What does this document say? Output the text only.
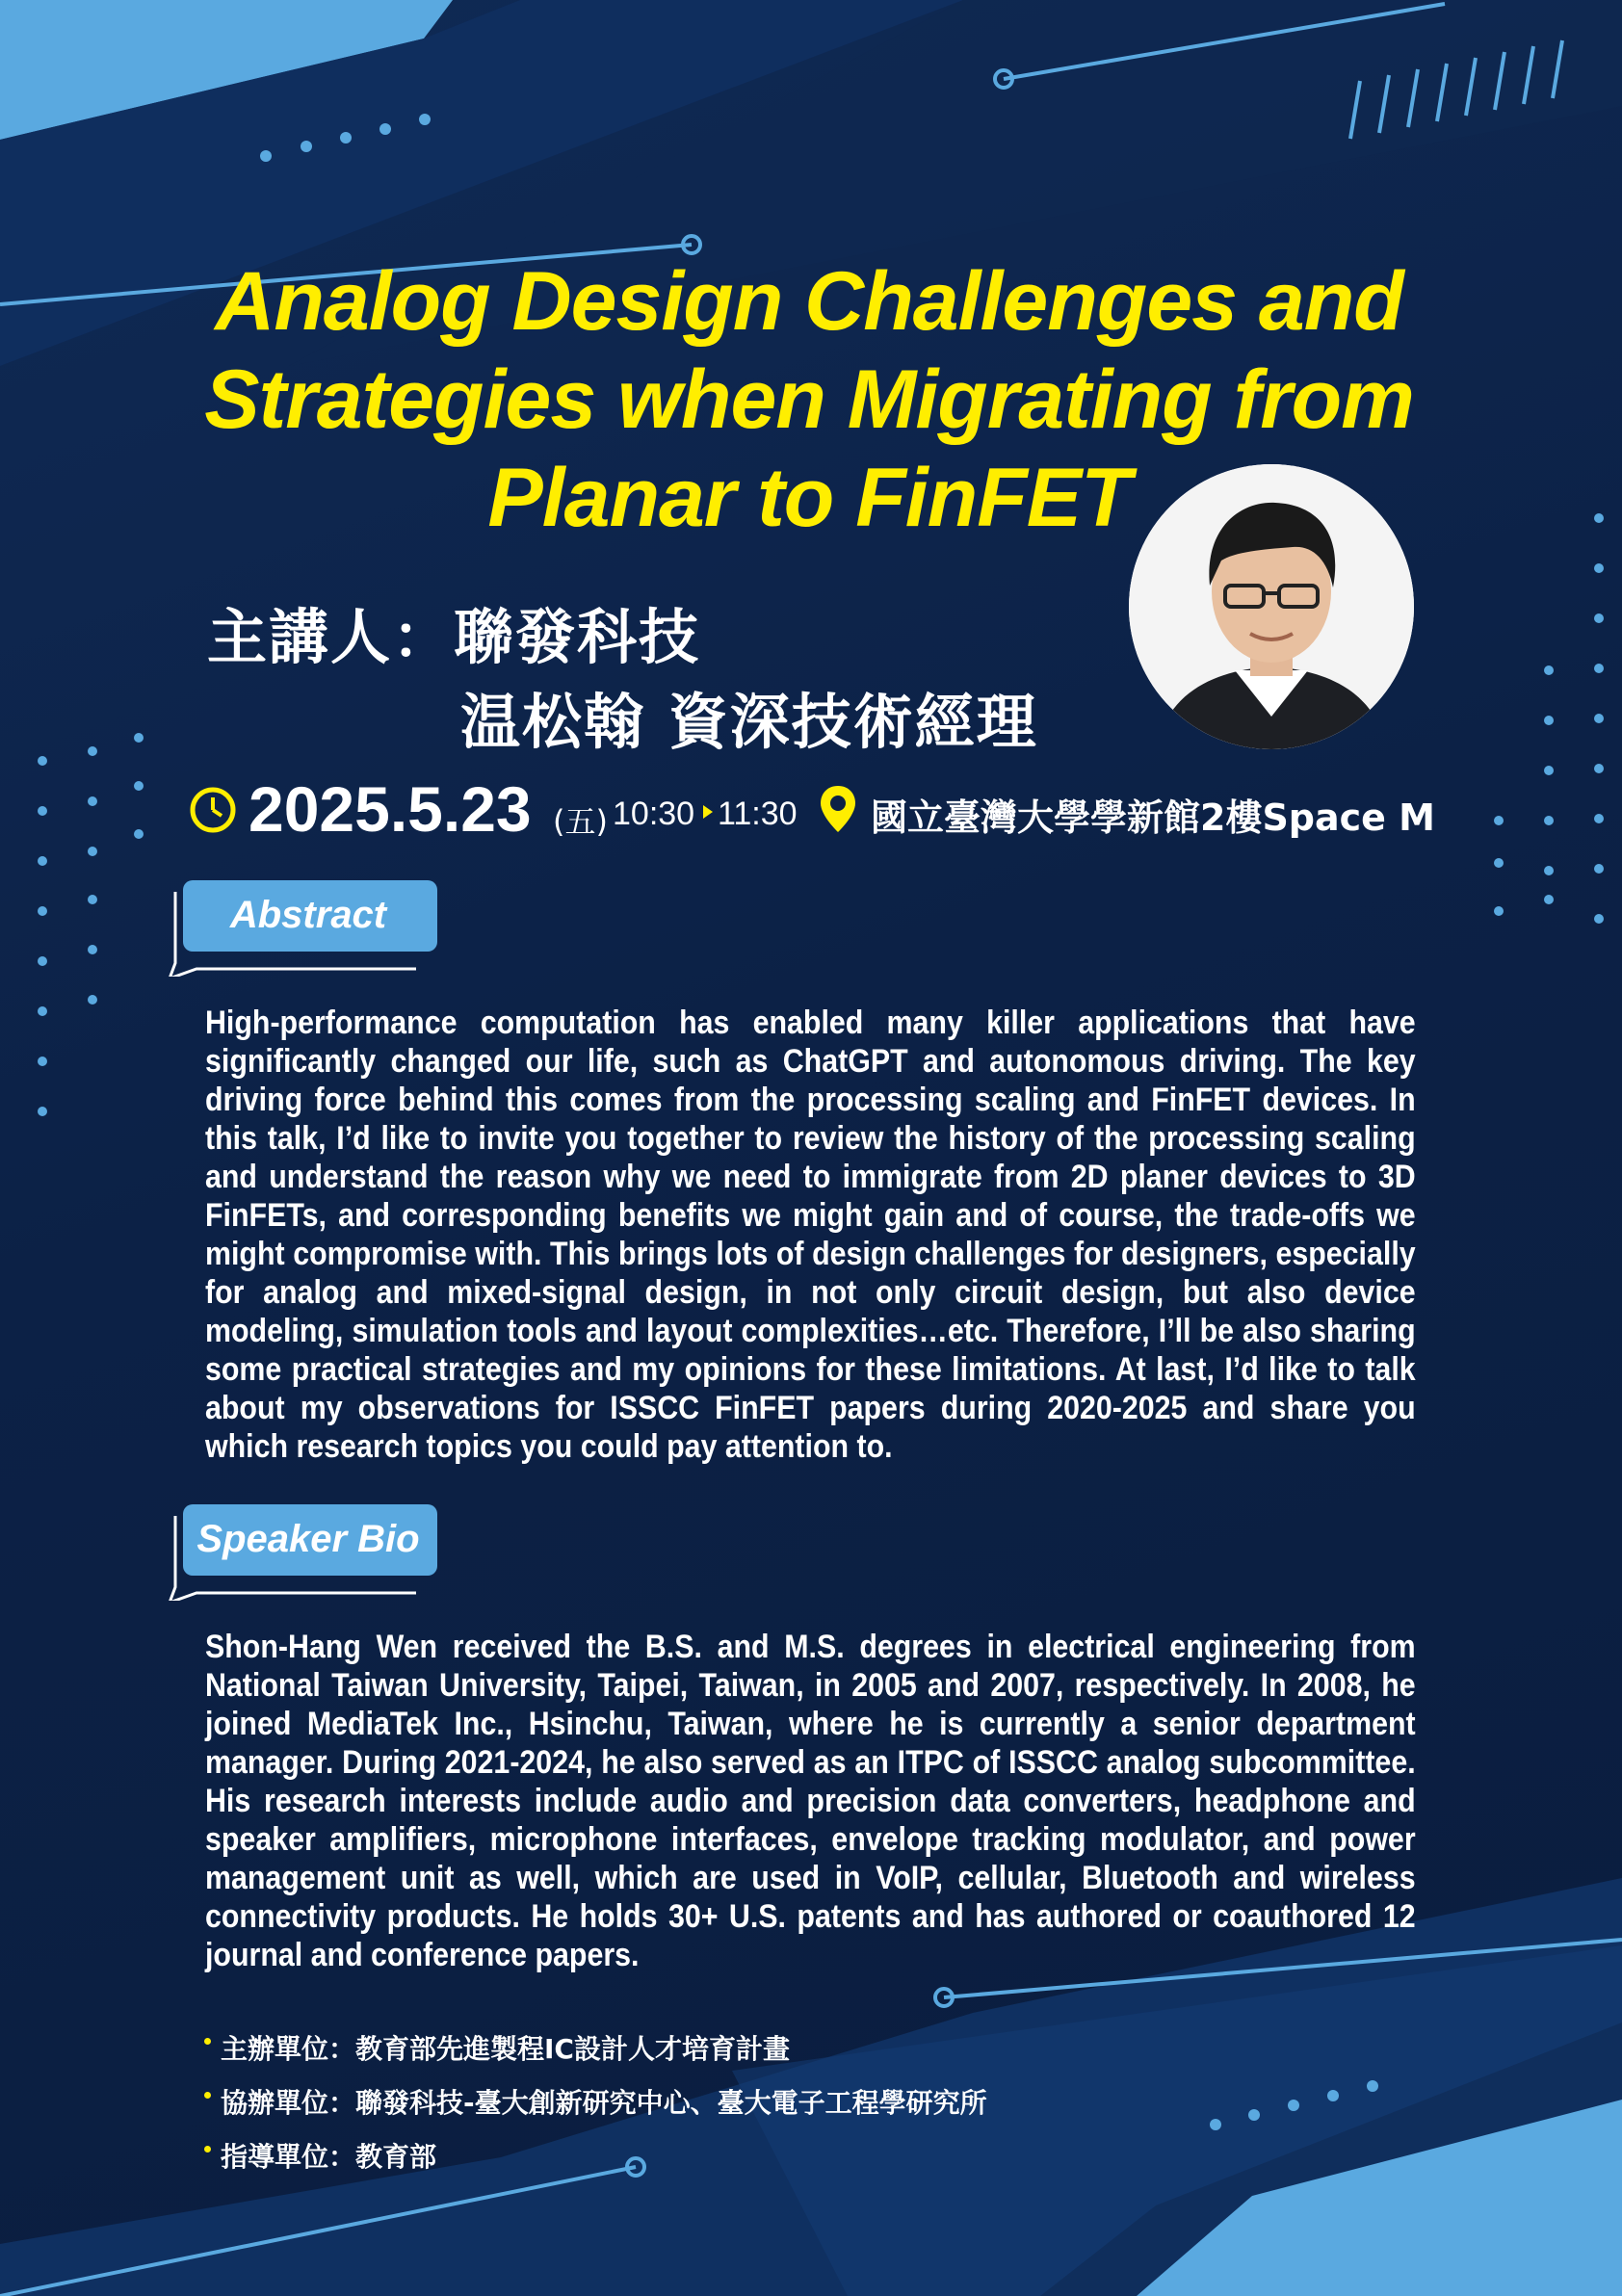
Analog Design Challenges and
Strategies when Migrating from
Planar to FinFET
主講人：聯發科技
温松翰 資深技術經理
2025.5.23 (五) 10:30 11:30 國立臺灣大學學新館2樓Space M
Abstract

High-performance computation has enabled many killer applications that have significantly changed our life, such as ChatGPT and autonomous driving. The key driving force behind this comes from the processing scaling and FinFET devices. In this talk, I’d like to invite you together to review the history of the processing scaling and understand the reason why we need to immigrate from 2D planer devices to 3D FinFETs, and corresponding benefits we might gain and of course, the trade-offs we might compromise with. This brings lots of design challenges for designers, especially for analog and mixed-signal design, in not only circuit design, but also device modeling, simulation tools and layout complexities…etc. Therefore, I’ll be also sharing some practical strategies and my opinions for these limitations. At last, I’d like to talk about my observations for ISSCC FinFET papers during 2020-2025 and share you which research topics you could pay attention to.

Speaker Bio

Shon-Hang Wen received the B.S. and M.S. degrees in electrical engineering from National Taiwan University, Taipei, Taiwan, in 2005 and 2007, respectively. In 2008, he joined MediaTek Inc., Hsinchu, Taiwan, where he is currently a senior department manager. During 2021-2024, he also served as an ITPC of ISSCC analog subcommittee. His research interests include audio and precision data converters, headphone and speaker amplifiers, microphone interfaces, envelope tracking modulator, and power management unit as well, which are used in VoIP, cellular, Bluetooth and wireless connectivity products. He holds 30+ U.S. patents and has authored or coauthored 12 journal and conference papers.

主辦單位：教育部先進製程IC設計人才培育計畫
協辦單位：聯發科技-臺大創新研究中心、臺大電子工程學研究所
指導單位：教育部
